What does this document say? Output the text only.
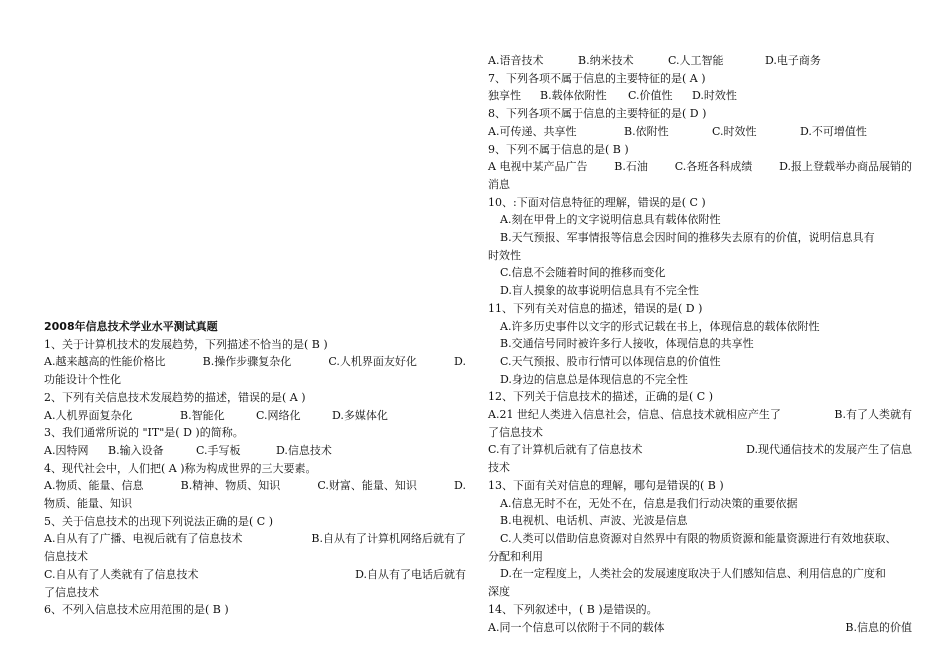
2008年信息技术学业水平测试真题
1、关于计算机技术的发展趋势，下列描述不恰当的是( B )
A.越来越高的性能价格比	B.操作步骤复杂化	C.人机界面友好化	D.
功能设计个性化
2、下列有关信息技术发展趋势的描述，错误的是( A )
A.人机界面复杂化	B.智能化	C.网络化	D.多媒体化
3、我们通常所说的 "IT"是( D )的简称。
A.因特网	B.输入设备	C.手写板	D.信息技术
4、现代社会中，人们把( A )称为构成世界的三大要素。
A.物质、能量、信息	B.精神、物质、知识	C.财富、能量、知识	D.
物质、能量、知识
5、关于信息技术的出现下列说法正确的是( C )
A.自从有了广播、电视后就有了信息技术	B.自从有了计算机网络后就有了
信息技术
C.自从有了人类就有了信息技术	D.自从有了电话后就有
了信息技术
6、不列入信息技术应用范围的是( B )
A.语音技术	B.纳米技术	C.人工智能	D.电子商务
7、下列各项不属于信息的主要特征的是( A )
独享性	B.载体依附性	C.价值性	D.时效性
8、下列各项不属于信息的主要特征的是( D )
A.可传递、共享性	B.依附性	C.时效性	D.不可增值性
9、下列不属于信息的是( B )
A 电视中某产品广告 B.石油 C.各班各科成绩 D.报上登载举办商品展销的
消息
10、:下面对信息特征的理解，错误的是( C )
A.刻在甲骨上的文字说明信息具有载体依附性
B.天气预报、军事情报等信息会因时间的推移失去原有的价值，说明信息具有
时效性
C.信息不会随着时间的推移而变化
D.盲人摸象的故事说明信息具有不完全性
11、下列有关对信息的描述，错误的是( D )
A.许多历史事件以文字的形式记载在书上，体现信息的载体依附性
B.交通信号同时被许多行人接收，体现信息的共享性
C.天气预报、股市行情可以体现信息的价值性
D.身边的信息总是体现信息的不完全性
12、下列关于信息技术的描述，正确的是( C )
A.21 世纪人类进入信息社会，信息、信息技术就相应产生了	B.有了人类就有
了信息技术
C.有了计算机后就有了信息技术	D.现代通信技术的发展产生了信息
技术
13、下面有关对信息的理解，哪句是错误的( B )
A.信息无时不在，无处不在，信息是我们行动决策的重要依据
B.电视机、电话机、声波、光波是信息
C.人类可以借助信息资源对自然界中有限的物质资源和能量资源进行有效地获取、
分配和利用
D.在一定程度上，人类社会的发展速度取决于人们感知信息、利用信息的广度和
深度
14、下列叙述中，( B )是错误的。
A.同一个信息可以依附于不同的载体	B.信息的价值
